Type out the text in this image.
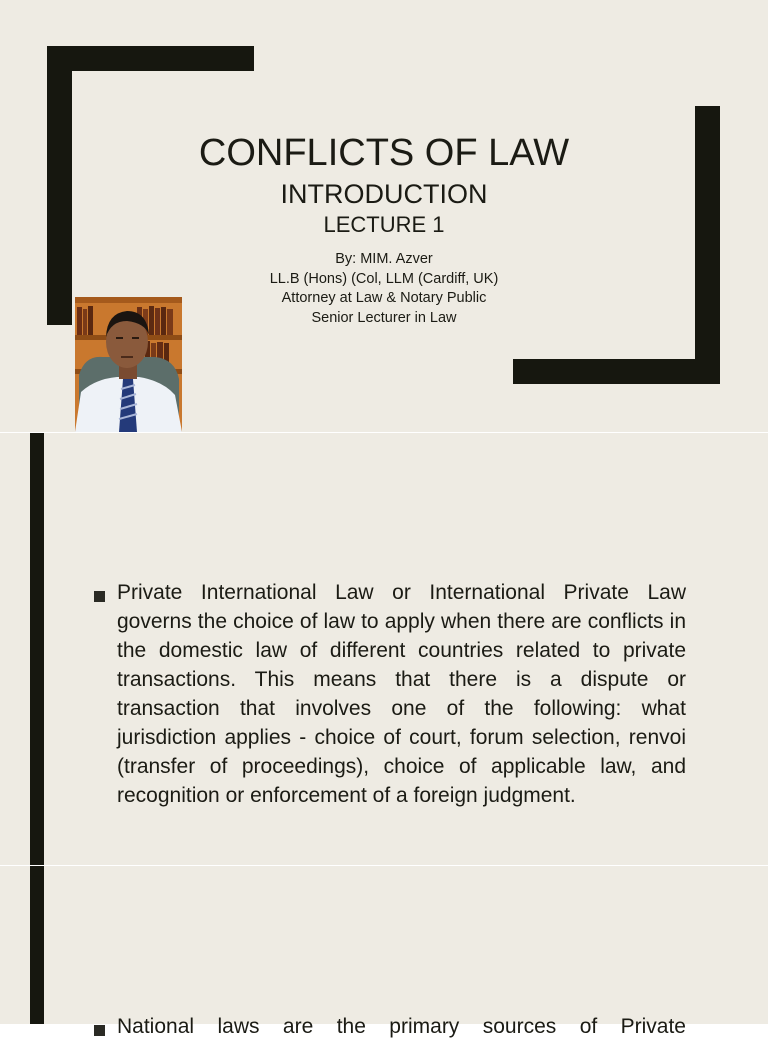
CONFLICTS OF LAW
INTRODUCTION
LECTURE 1
By: MIM. Azver
LL.B (Hons) (Col, LLM (Cardiff, UK)
Attorney at Law & Notary Public
Senior Lecturer in Law
Private International Law or International Private Law governs the choice of law to apply when there are conflicts in the domestic law of different countries related to private transactions. This means that there is a dispute or transaction that involves one of the following: what jurisdiction applies - choice of court, forum selection, renvoi (transfer of proceedings), choice of applicable law, and recognition or enforcement of a foreign judgment.
National laws are the primary sources of Private
